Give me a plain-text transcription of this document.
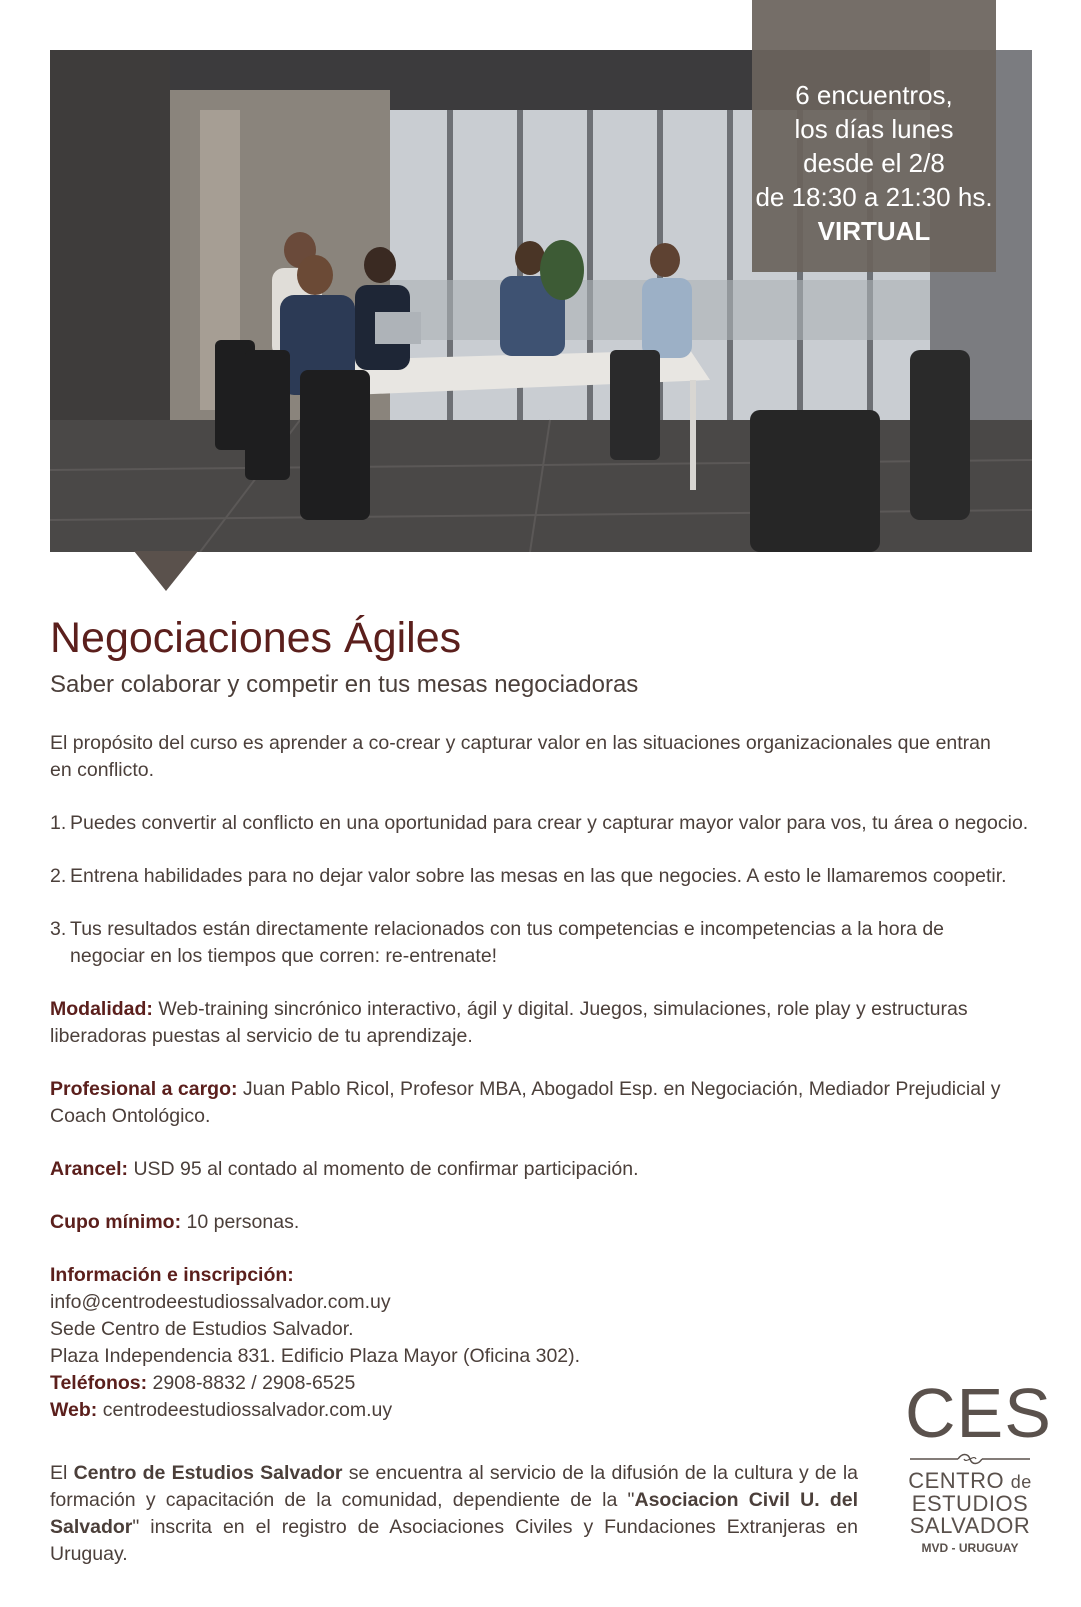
6 encuentros,
los días lunes
desde el 2/8
de 18:30 a 21:30 hs.
VIRTUAL
Negociaciones Ágiles

Saber colaborar y competir en tus mesas negociadoras

El propósito del curso es aprender a co-crear y capturar valor en las situaciones organizacionales que entran en conflicto.

1. Puedes convertir al conflicto en una oportunidad para crear y capturar mayor valor para vos, tu área o negocio.
2. Entrena habilidades para no dejar valor sobre las mesas en las que negocies. A esto le llamaremos coopetir.
3. Tus resultados están directamente relacionados con tus competencias e incompetencias a la hora de negociar en los tiempos que corren: re-entrenate!

Modalidad: Web-training sincrónico interactivo, ágil y digital. Juegos, simulaciones, role play y estructuras liberadoras puestas al servicio de tu aprendizaje.

Profesional a cargo: Juan Pablo Ricol, Profesor MBA, Abogadol Esp. en Negociación, Mediador Prejudicial y Coach Ontológico.

Arancel: USD 95 al contado al momento de confirmar participación.

Cupo mínimo: 10 personas.

Información e inscripción:
info@centrodeestudiossalvador.com.uy
Sede Centro de Estudios Salvador.
Plaza Independencia 831. Edificio Plaza Mayor (Oficina 302).
Teléfonos: 2908-8832 / 2908-6525
Web: centrodeestudiossalvador.com.uy
El Centro de Estudios Salvador se encuentra al servicio de la difusión de la cultura y de la formación y capacitación de la comunidad, dependiente de la "Asociacion Civil U. del Salvador" inscrita en el registro de Asociaciones Civiles y Fundaciones Extranjeras en Uruguay.
CES
CENTRO de
ESTUDIOS
SALVADOR
MVD - URUGUAY
